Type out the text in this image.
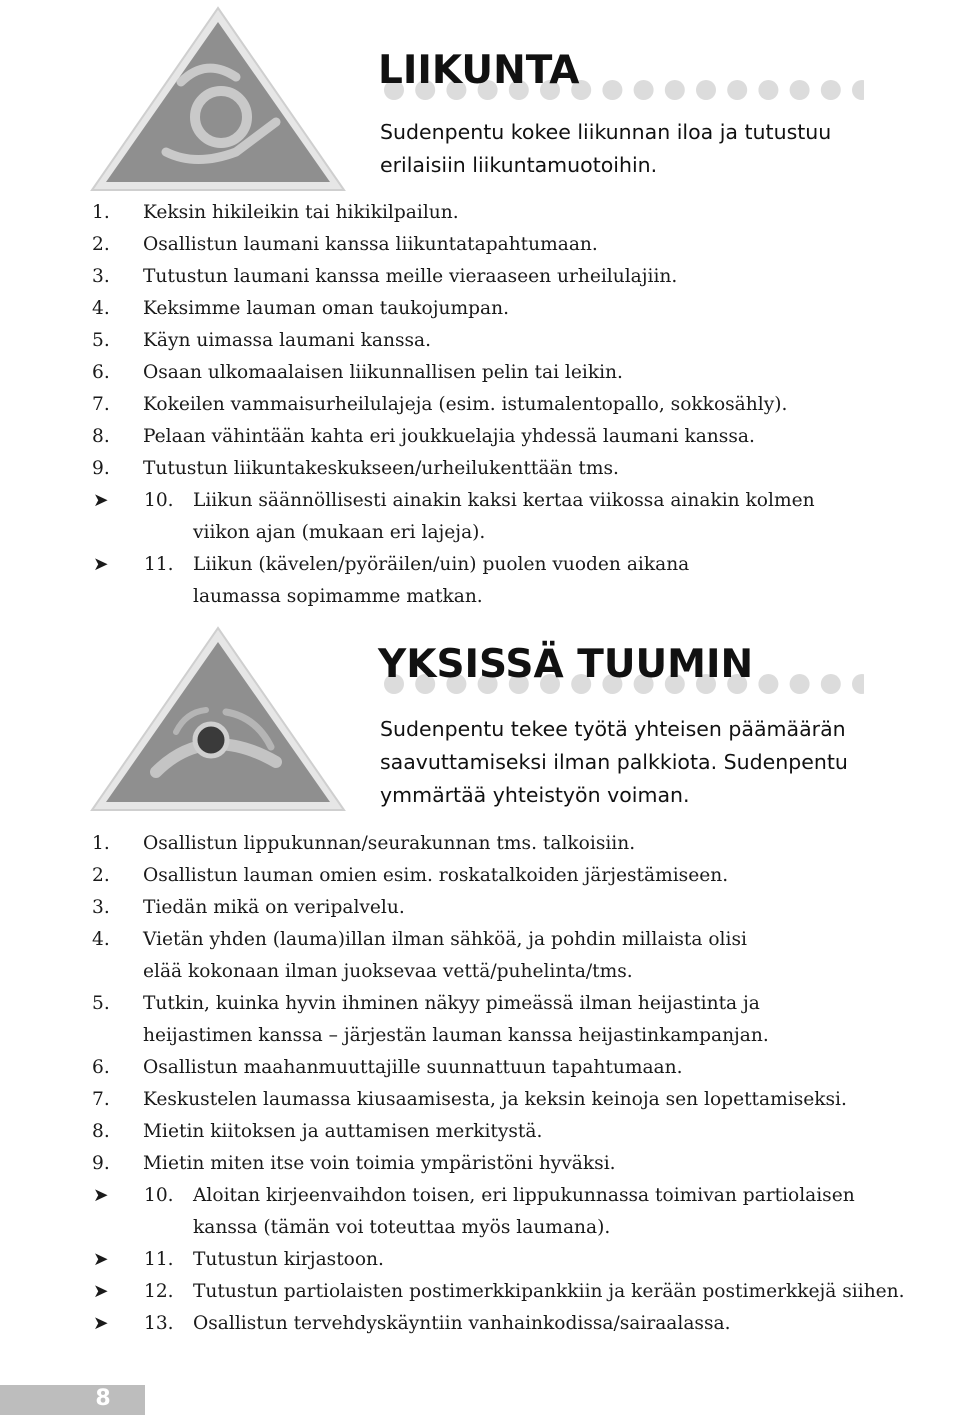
LIIKUNTA
Sudenpentu kokee liikunnan iloa ja tutustuu
erilaisiin liikuntamuotoihin.
1. Keksin hikileikin tai hikikilpailun.
2. Osallistun laumani kanssa liikuntatapahtumaan.
3. Tutustun laumani kanssa meille vieraaseen urheilulajiin.
4. Keksimme lauman oman taukojumpan.
5. Käyn uimassa laumani kanssa.
6. Osaan ulkomaalaisen liikunnallisen pelin tai leikin.
7. Kokeilen vammaisurheilulajeja (esim. istumalentopallo, sokkosähly).
8. Pelaan vähintään kahta eri joukkuelajia yhdessä laumani kanssa.
9. Tutustun liikuntakeskukseen/urheilukenttään tms.
➤ 10. Liikun säännöllisesti ainakin kaksi kertaa viikossa ainakin kolmen
viikon ajan (mukaan eri lajeja).
➤ 11. Liikun (kävelen/pyöräilen/uin) puolen vuoden aikana
laumassa sopimamme matkan.
YKSISSÄ TUUMIN
Sudenpentu tekee työtä yhteisen päämäärän
saavuttamiseksi ilman palkkiota. Sudenpentu
ymmärtää yhteistyön voiman.
1. Osallistun lippukunnan/seurakunnan tms. talkoisiin.
2. Osallistun lauman omien esim. roskatalkoiden järjestämiseen.
3. Tiedän mikä on veripalvelu.
4. Vietän yhden (lauma)illan ilman sähköä, ja pohdin millaista olisi
elää kokonaan ilman juoksevaa vettä/puhelinta/tms.
5. Tutkin, kuinka hyvin ihminen näkyy pimeässä ilman heijastinta ja
heijastimen kanssa – järjestän lauman kanssa heijastinkampanjan.
6. Osallistun maahanmuuttajille suunnattuun tapahtumaan.
7. Keskustelen laumassa kiusaamisesta, ja keksin keinoja sen lopettamiseksi.
8. Mietin kiitoksen ja auttamisen merkitystä.
9. Mietin miten itse voin toimia ympäristöni hyväksi.
➤ 10. Aloitan kirjeenvaihdon toisen, eri lippukunnassa toimivan partiolaisen
kanssa (tämän voi toteuttaa myös laumana).
➤ 11. Tutustun kirjastoon.
➤ 12. Tutustun partiolaisten postimerkkipankkiin ja kerään postimerkkejä siihen.
➤ 13. Osallistun tervehdyskäyntiin vanhainkodissa/sairaalassa.
8
